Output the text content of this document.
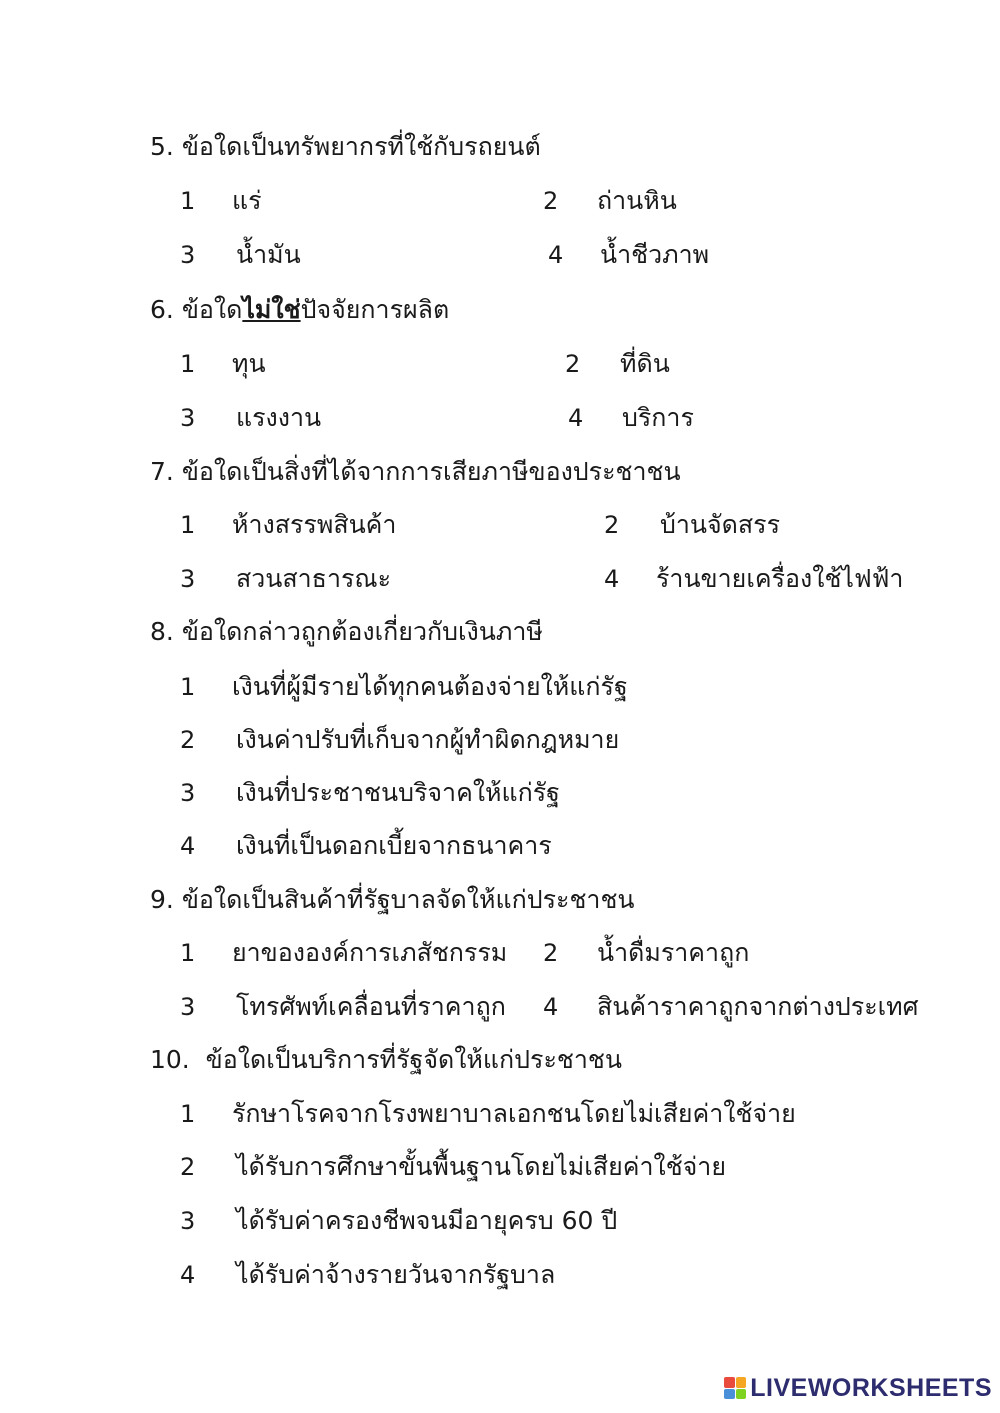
5. ข้อใดเป็นทรัพยากรที่ใช้กับรถยนต์
1 แร่	2 ถ่านหิน
3 น้ำมัน	4 น้ำชีวภาพ
6. ข้อใดไม่ใช่ปัจจัยการผลิต
1 ทุน	2 ที่ดิน
3 แรงงาน	4 บริการ
7. ข้อใดเป็นสิ่งที่ได้จากการเสียภาษีของประชาชน
1 ห้างสรรพสินค้า	2 บ้านจัดสรร
3 สวนสาธารณะ	4 ร้านขายเครื่องใช้ไฟฟ้า
8. ข้อใดกล่าวถูกต้องเกี่ยวกับเงินภาษี
1 เงินที่ผู้มีรายได้ทุกคนต้องจ่ายให้แก่รัฐ
2 เงินค่าปรับที่เก็บจากผู้ทำผิดกฎหมาย
3 เงินที่ประชาชนบริจาคให้แก่รัฐ
4 เงินที่เป็นดอกเบี้ยจากธนาคาร
9. ข้อใดเป็นสินค้าที่รัฐบาลจัดให้แก่ประชาชน
1 ยาขององค์การเภสัชกรรม 2 น้ำดื่มราคาถูก
3 โทรศัพท์เคลื่อนที่ราคาถูก 4 สินค้าราคาถูกจากต่างประเทศ
10. ข้อใดเป็นบริการที่รัฐจัดให้แก่ประชาชน
1 รักษาโรคจากโรงพยาบาลเอกชนโดยไม่เสียค่าใช้จ่าย
2 ได้รับการศึกษาขั้นพื้นฐานโดยไม่เสียค่าใช้จ่าย
3 ได้รับค่าครองชีพจนมีอายุครบ 60 ปี
4 ได้รับค่าจ้างรายวันจากรัฐบาล
LIVEWORKSHEETS
